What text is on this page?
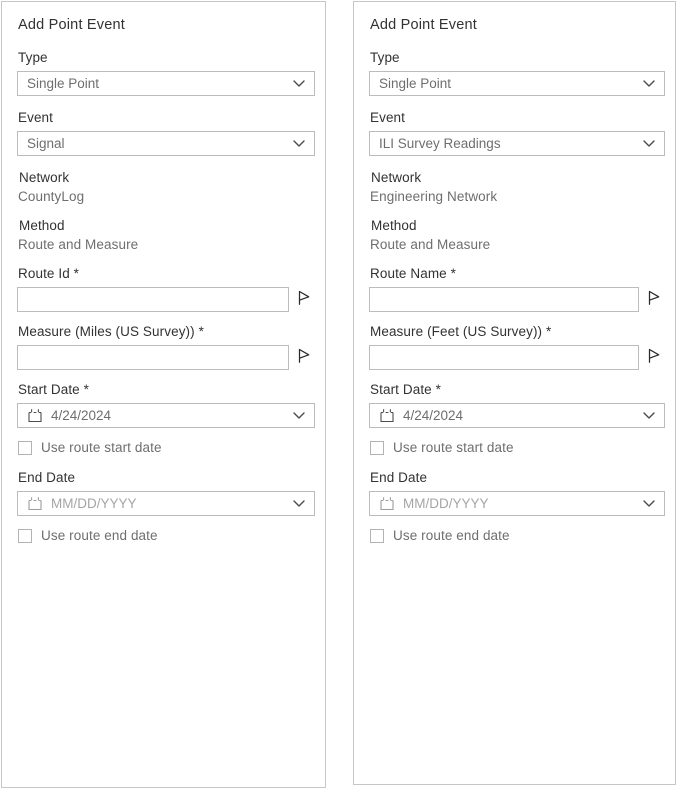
Add Point Event
Type
Single Point
Event
Signal
Network
CountyLog
Method
Route and Measure
Route Id *
Measure (Miles (US Survey)) *
Start Date *
4/24/2024
Use route start date
End Date
MM/DD/YYYY
Use route end date
Add Point Event
Type
Single Point
Event
ILI Survey Readings
Network
Engineering Network
Method
Route and Measure
Route Name *
Measure (Feet (US Survey)) *
Start Date *
4/24/2024
Use route start date
End Date
MM/DD/YYYY
Use route end date
